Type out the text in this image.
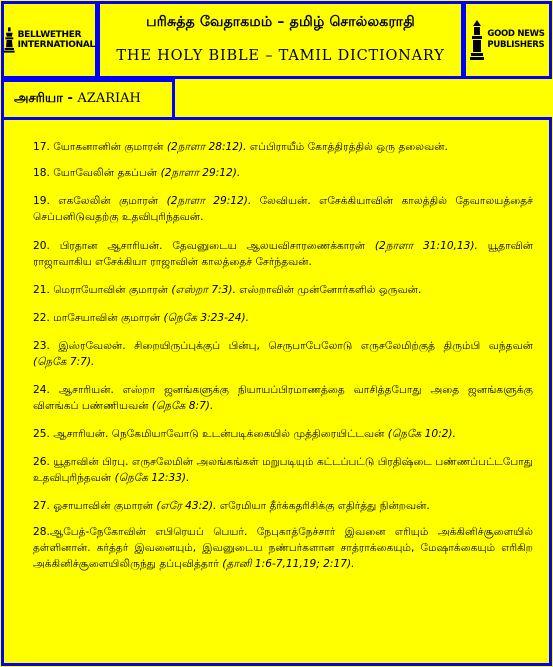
BELLWETHER
INTERNATIONAL
பரிசுத்த வேதாகமம் – தமிழ் சொல்லகராதி
THE HOLY BIBLE – TAMIL DICTIONARY
GOOD NEWS
PUBLISHERS
அசரியா - AZARIAH

17. யோகனானின் குமாரன் (2நாளா 28:12). எப்பிராயீம் கோத்திரத்தில் ஒரு தலைவன்.

18. யோவேலின் தகப்பன் (2நாளா 29:12).

19. எகலேலின் குமாரன் (2நாளா 29:12). லேவியன். எசேக்கியாவின் காலத்தில் தேவாலயத்தைச் செப்பனிடுவதற்கு உதவிபுரிந்தவன்.

20. பிரதான ஆசாரியன். தேவனுடைய ஆலயவிசாரணைக்காரன் (2நாளா 31:10,13). யூதாவின் ராஜாவாகிய எசேக்கியா ராஜாவின் காலத்தைச் சேர்ந்தவன்.

21. மெராயோவின் குமாரன் (எஸ்றா 7:3). எஸ்றாவின் முன்னோர்களில் ஒருவன்.

22. மாசேயாவின் குமாரன் (நெகே 3:23-24).

23. இஸ்ரவேலன். சிறையிருப்புக்குப் பின்பு, செருபாபேலோடு எருசலேமிற்குத் திரும்பி வந்தவன் (நெகே 7:7).

24. ஆசாரியன். எஸ்றா ஜனங்களுக்கு நியாயப்பிரமாணத்தை வாசித்தபோது அதை ஜனங்களுக்கு விளங்கப் பண்ணியவன் (நெகே 8:7).

25. ஆசாரியன். நெகேமியாவோடு உடன்படிக்கையில் முத்திரையிட்டவன் (நெகே 10:2).

26. யூதாவின் பிரபு. எருசலேமின் அலங்கங்கள் மறுபடியும் கட்டப்பட்டு பிரதிஷ்டை பண்ணப்பட்டபோது உதவிபுரிந்தவன் (நெகே 12:33).

27. ஓசாயாவின் குமாரன் (எரே 43:2). எரேமியா தீர்க்கதரிசிக்கு எதிர்த்து நின்றவன்.

28.ஆபேத்-நேகோவின் எபிரெயப் பெயர். நேபுகாத்நேச்சார் இவனை எரியும் அக்கினிச்சூளையில் தள்ளினான். கர்த்தர் இவனையும், இவனுடைய நண்பர்களான சாத்ராக்கையும், மேஷாக்கையும் எரிகிற அக்கினிச்சூளையிலிருந்து தப்புவித்தார் (தானி 1:6-7,11,19; 2:17).
